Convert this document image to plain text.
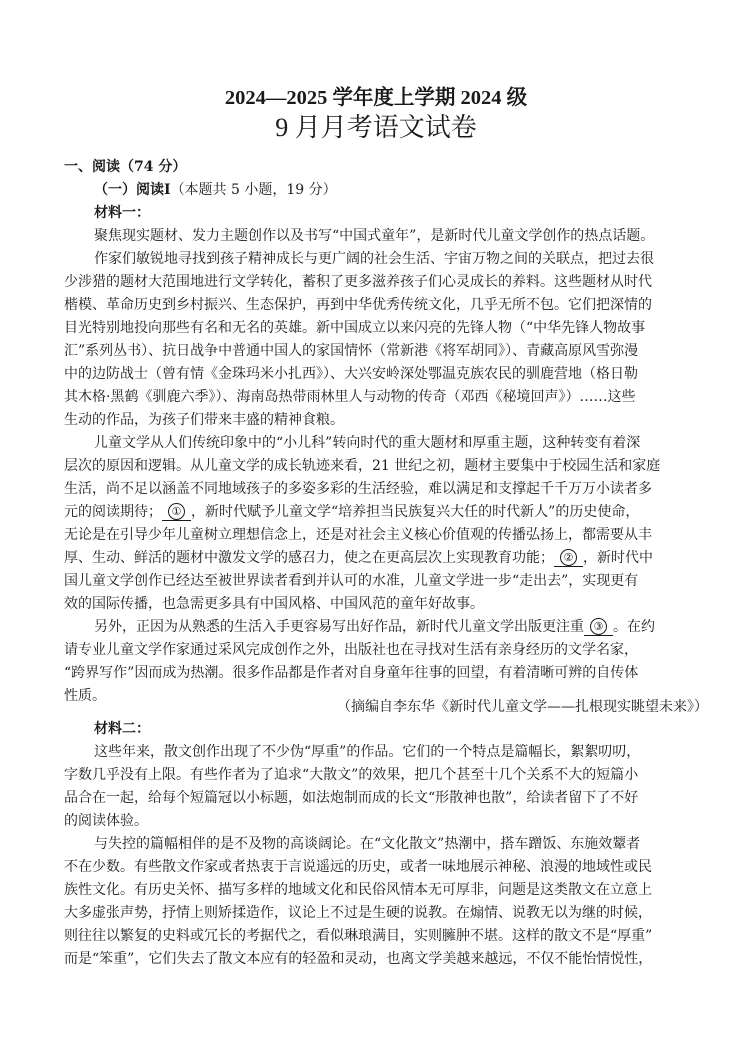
2024—2025 学年度上学期 2024 级
9 月月考语文试卷
一、阅读（74 分）
（一）阅读Ⅰ（本题共 5 小题，19 分）
材料一：
聚焦现实题材、发力主题创作以及书写“中国式童年”，是新时代儿童文学创作的热点话题。
作家们敏锐地寻找到孩子精神成长与更广阔的社会生活、宇宙万物之间的关联点，把过去很
少涉猎的题材大范围地进行文学转化，蓄积了更多滋养孩子们心灵成长的养料。这些题材从时代
楷模、革命历史到乡村振兴、生态保护，再到中华优秀传统文化，几乎无所不包。它们把深情的
目光特别地投向那些有名和无名的英雄。新中国成立以来闪亮的先锋人物（“中华先锋人物故事
汇”系列丛书）、抗日战争中普通中国人的家国情怀（常新港《将军胡同》）、青藏高原风雪弥漫
中的边防战士（曾有情《金珠玛米小扎西》）、大兴安岭深处鄂温克族农民的驯鹿营地（格日勒
其木格·黑鹤《驯鹿六季》）、海南岛热带雨林里人与动物的传奇（邓西《秘境回声》）……这些
生动的作品，为孩子们带来丰盛的精神食粮。
儿童文学从人们传统印象中的“小儿科”转向时代的重大题材和厚重主题，这种转变有着深
层次的原因和逻辑。从儿童文学的成长轨迹来看，21 世纪之初，题材主要集中于校园生活和家庭
生活，尚不足以涵盖不同地域孩子的多姿多彩的生活经验，难以满足和支撑起千千万万小读者多
元的阅读期待； ① ，新时代赋予儿童文学“培养担当民族复兴大任的时代新人”的历史使命，
无论是在引导少年儿童树立理想信念上，还是对社会主义核心价值观的传播弘扬上，都需要从丰
厚、生动、鲜活的题材中激发文学的感召力，使之在更高层次上实现教育功能； ② ，新时代中
国儿童文学创作已经达至被世界读者看到并认可的水准，儿童文学进一步“走出去”，实现更有
效的国际传播，也急需更多具有中国风格、中国风范的童年好故事。
另外，正因为从熟悉的生活入手更容易写出好作品，新时代儿童文学出版更注重 ③ 。在约
请专业儿童文学作家通过采风完成创作之外，出版社也在寻找对生活有亲身经历的文学名家，
“跨界写作”因而成为热潮。很多作品都是作者对自身童年往事的回望，有着清晰可辨的自传体
性质。
（摘编自李东华《新时代儿童文学——扎根现实眺望未来》）
材料二：
这些年来，散文创作出现了不少伪“厚重”的作品。它们的一个特点是篇幅长，絮絮叨叨，
字数几乎没有上限。有些作者为了追求“大散文”的效果，把几个甚至十几个关系不大的短篇小
品合在一起，给每个短篇冠以小标题，如法炮制而成的长文“形散神也散”，给读者留下了不好
的阅读体验。
与失控的篇幅相伴的是不及物的高谈阔论。在“文化散文”热潮中，搭车蹭饭、东施效颦者
不在少数。有些散文作家或者热衷于言说遥远的历史，或者一味地展示神秘、浪漫的地域性或民
族性文化。有历史关怀、描写多样的地域文化和民俗风情本无可厚非，问题是这类散文在立意上
大多虚张声势，抒情上则矫揉造作，议论上不过是生硬的说教。在煽情、说教无以为继的时候，
则往往以繁复的史料或冗长的考据代之，看似琳琅满目，实则臃肿不堪。这样的散文不是“厚重”
而是“笨重”，它们失去了散文本应有的轻盈和灵动，也离文学美越来越远，不仅不能怡情悦性，
